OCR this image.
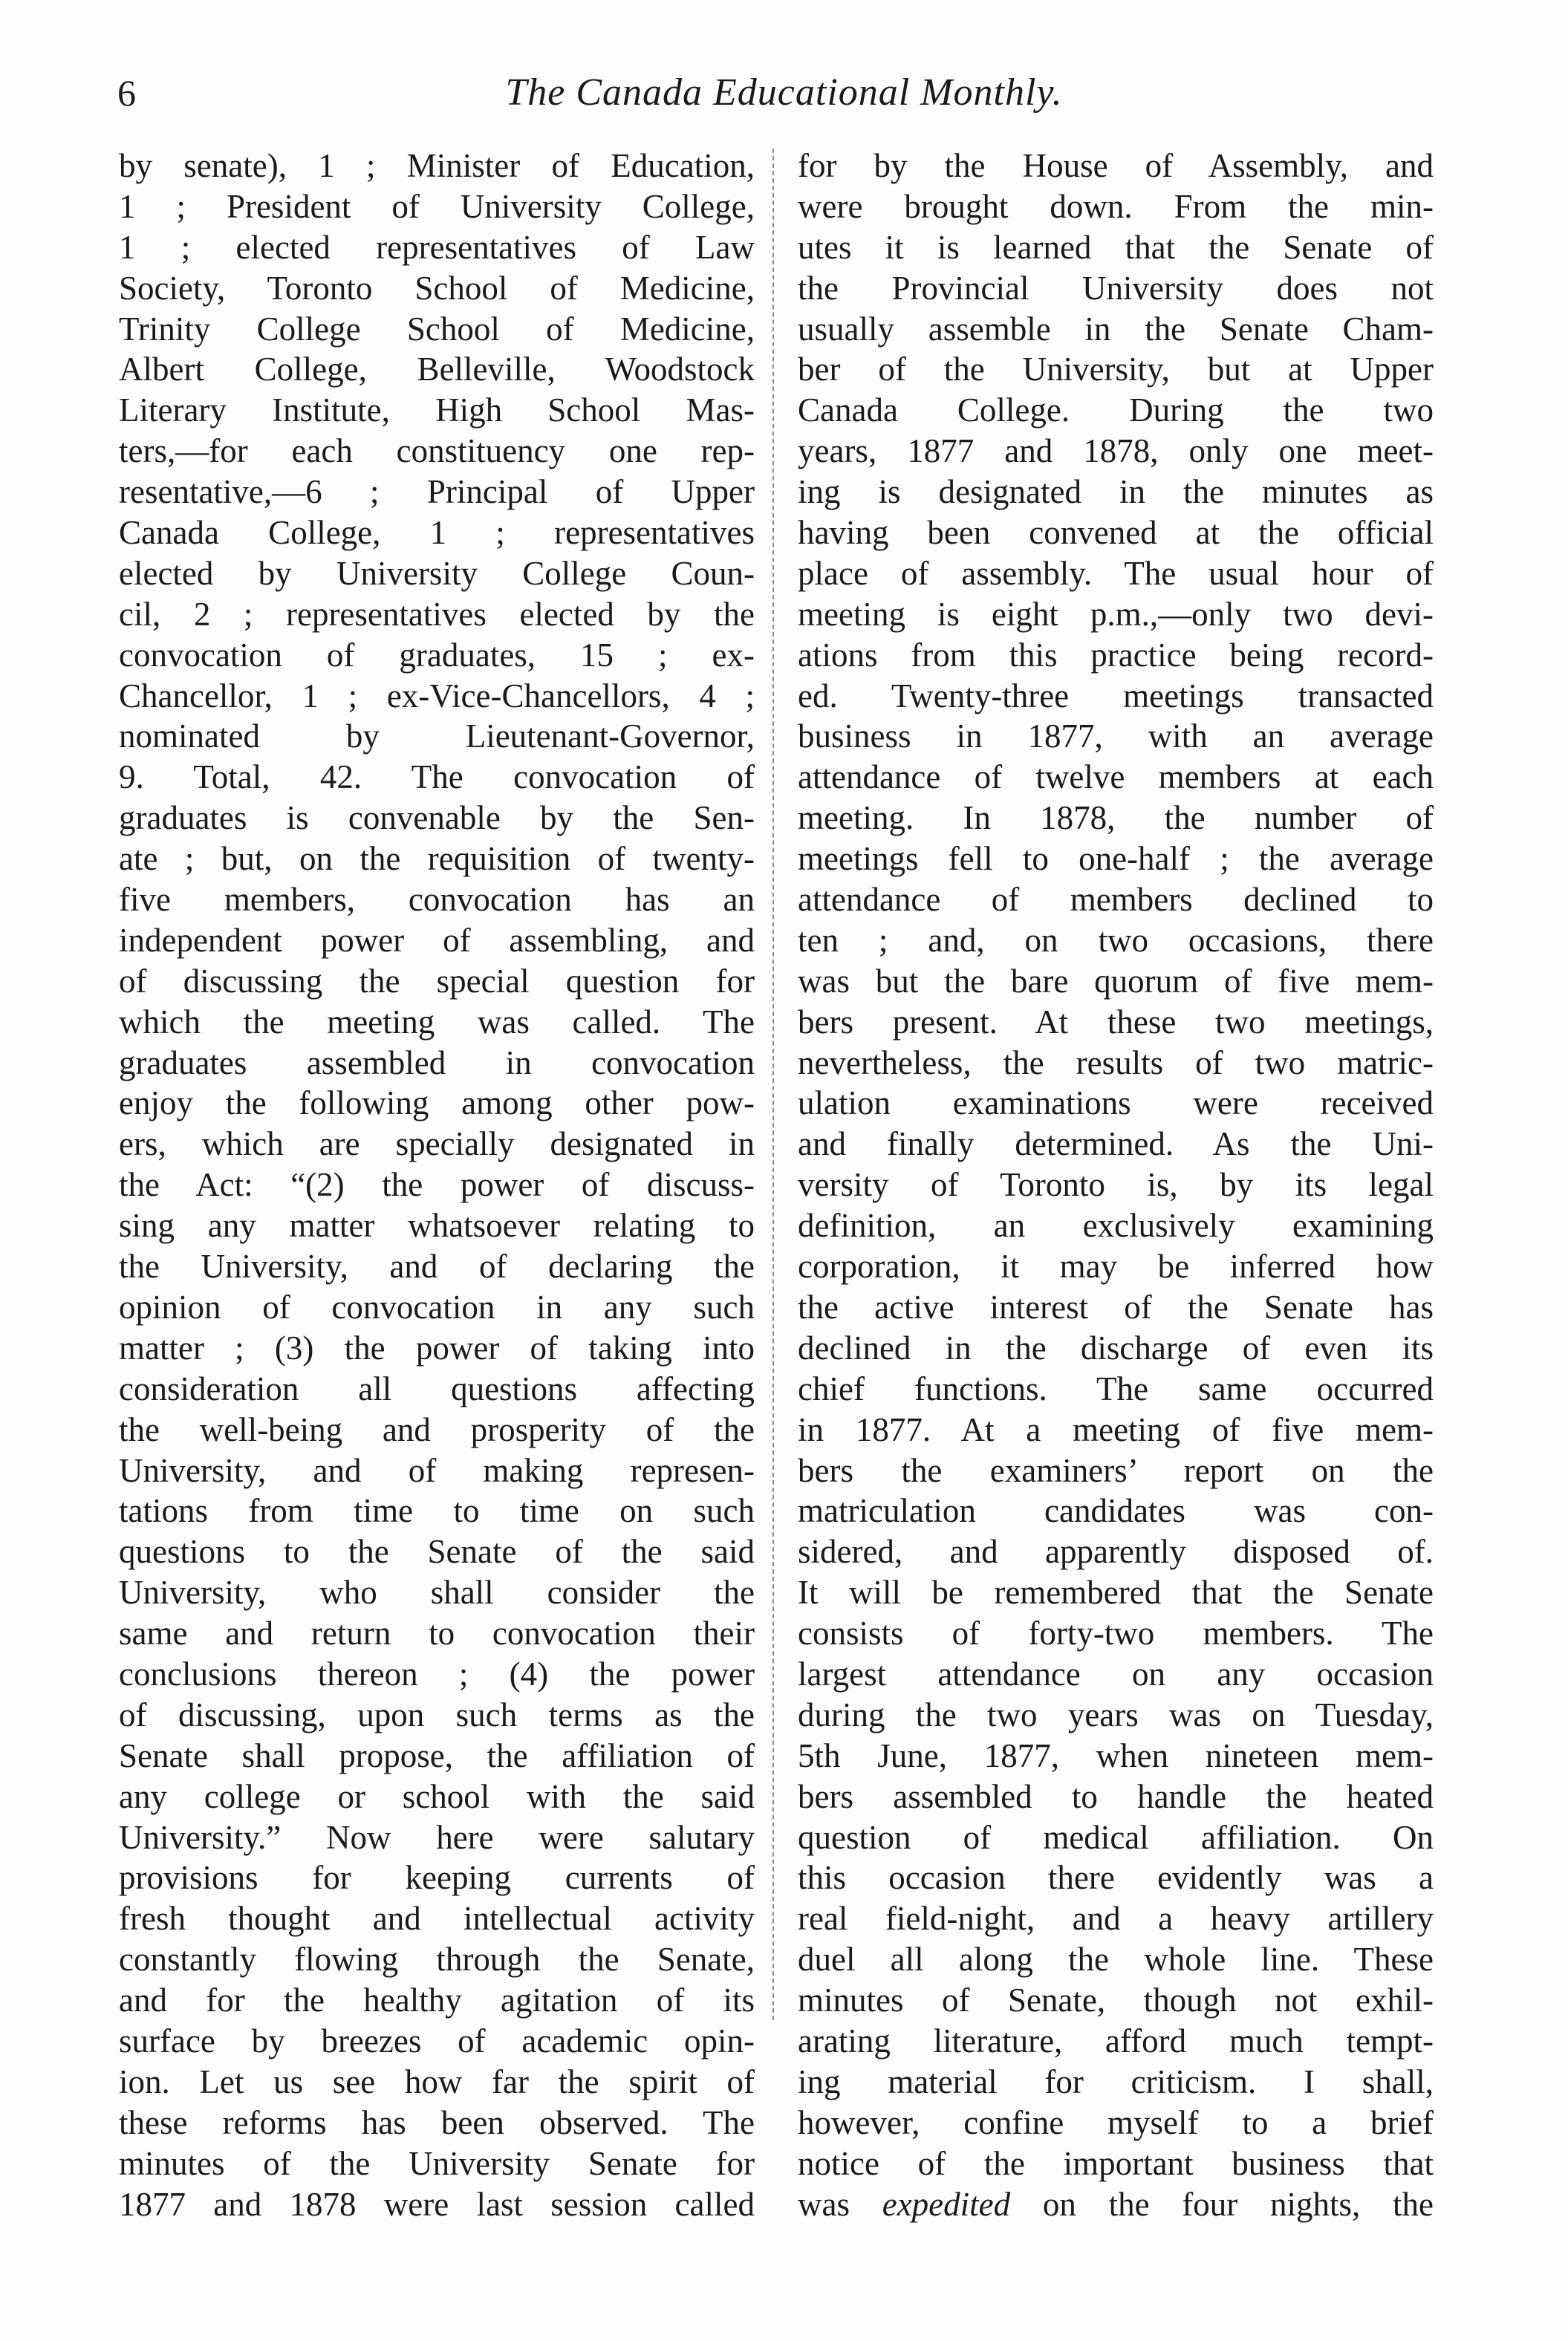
6	The Canada Educational Monthly.
by senate), 1 ; Minister of Education,
1 ; President of University College,
1 ; elected representatives of Law
Society, Toronto School of Medicine,
Trinity College School of Medicine,
Albert College, Belleville, Woodstock
Literary Institute, High School Mas-
ters,—for each constituency one rep-
resentative,—6 ; Principal of Upper
Canada College, 1 ; representatives
elected by University College Coun-
cil, 2 ; representatives elected by the
convocation of graduates, 15 ; ex-
Chancellor, 1 ; ex-Vice-Chancellors, 4 ;
nominated by Lieutenant-Governor,
9. Total, 42. The convocation of
graduates is convenable by the Sen-
ate ; but, on the requisition of twenty-
five members, convocation has an
independent power of assembling, and
of discussing the special question for
which the meeting was called. The
graduates assembled in convocation
enjoy the following among other pow-
ers, which are specially designated in
the Act: “(2) the power of discuss-
sing any matter whatsoever relating to
the University, and of declaring the
opinion of convocation in any such
matter ; (3) the power of taking into
consideration all questions affecting
the well-being and prosperity of the
University, and of making represen-
tations from time to time on such
questions to the Senate of the said
University, who shall consider the
same and return to convocation their
conclusions thereon ; (4) the power
of discussing, upon such terms as the
Senate shall propose, the affiliation of
any college or school with the said
University.” Now here were salutary
provisions for keeping currents of
fresh thought and intellectual activity
constantly flowing through the Senate,
and for the healthy agitation of its
surface by breezes of academic opin-
ion. Let us see how far the spirit of
these reforms has been observed. The
minutes of the University Senate for
1877 and 1878 were last session called
for by the House of Assembly, and
were brought down. From the min-
utes it is learned that the Senate of
the Provincial University does not
usually assemble in the Senate Cham-
ber of the University, but at Upper
Canada College. During the two
years, 1877 and 1878, only one meet-
ing is designated in the minutes as
having been convened at the official
place of assembly. The usual hour of
meeting is eight p.m.,—only two devi-
ations from this practice being record-
ed. Twenty-three meetings transacted
business in 1877, with an average
attendance of twelve members at each
meeting. In 1878, the number of
meetings fell to one-half ; the average
attendance of members declined to
ten ; and, on two occasions, there
was but the bare quorum of five mem-
bers present. At these two meetings,
nevertheless, the results of two matric-
ulation examinations were received
and finally determined. As the Uni-
versity of Toronto is, by its legal
definition, an exclusively examining
corporation, it may be inferred how
the active interest of the Senate has
declined in the discharge of even its
chief functions. The same occurred
in 1877. At a meeting of five mem-
bers the examiners’ report on the
matriculation candidates was con-
sidered, and apparently disposed of.
It will be remembered that the Senate
consists of forty-two members. The
largest attendance on any occasion
during the two years was on Tuesday,
5th June, 1877, when nineteen mem-
bers assembled to handle the heated
question of medical affiliation. On
this occasion there evidently was a
real field-night, and a heavy artillery
duel all along the whole line. These
minutes of Senate, though not exhil-
arating literature, afford much tempt-
ing material for criticism. I shall,
however, confine myself to a brief
notice of the important business that
was expedited on the four nights, the
